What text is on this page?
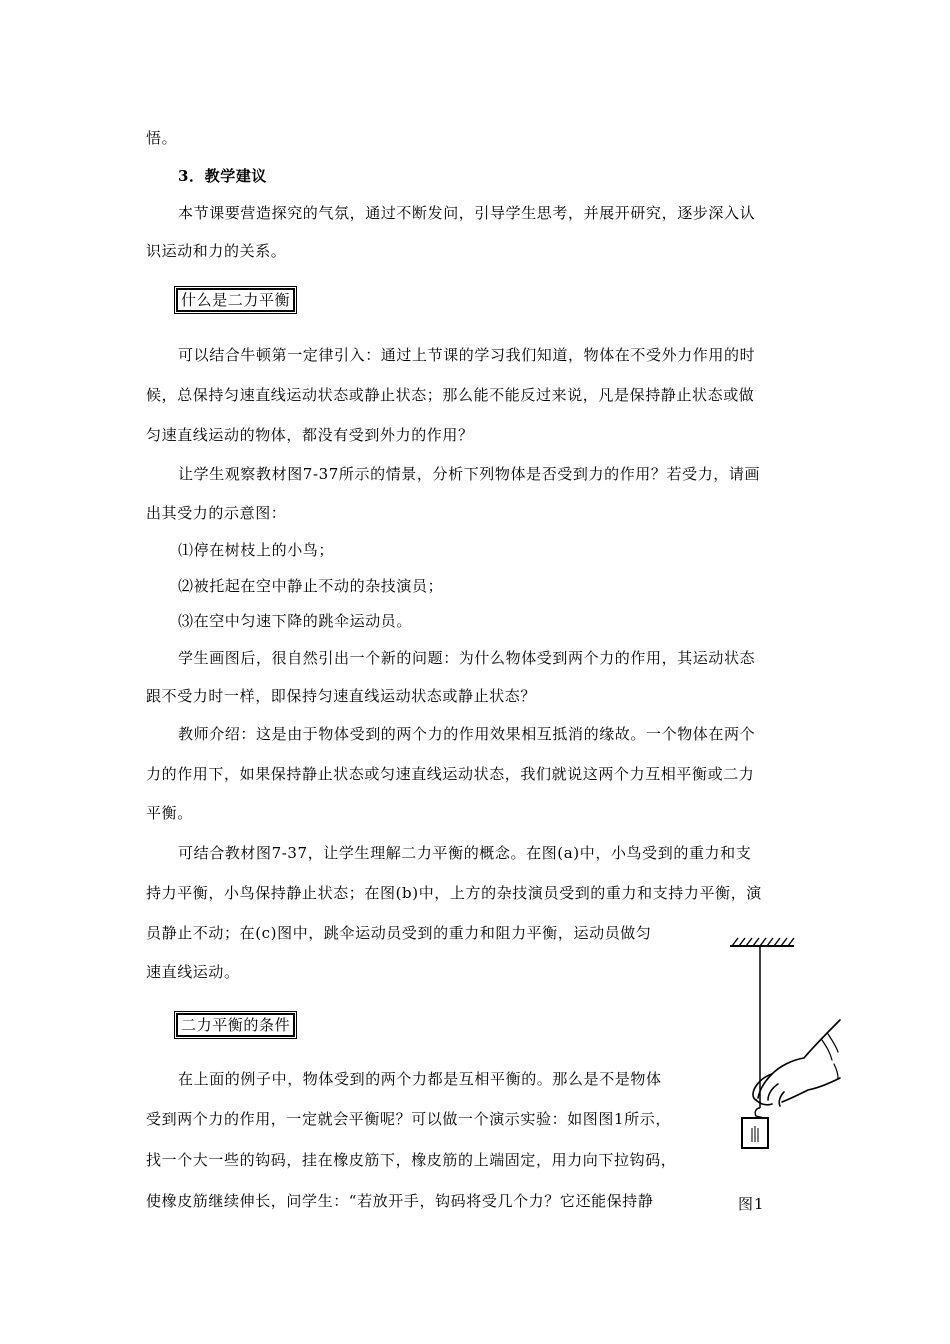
悟。
3．教学建议
本节课要营造探究的气氛，通过不断发问，引导学生思考，并展开研究，逐步深入认
识运动和力的关系。
什么是二力平衡
可以结合牛顿第一定律引入：通过上节课的学习我们知道，物体在不受外力作用的时
候，总保持匀速直线运动状态或静止状态；那么能不能反过来说，凡是保持静止状态或做
匀速直线运动的物体，都没有受到外力的作用？
让学生观察教材图7-37所示的情景，分析下列物体是否受到力的作用？若受力，请画
出其受力的示意图：
⑴停在树枝上的小鸟；
⑵被托起在空中静止不动的杂技演员；
⑶在空中匀速下降的跳伞运动员。
学生画图后，很自然引出一个新的问题：为什么物体受到两个力的作用，其运动状态
跟不受力时一样，即保持匀速直线运动状态或静止状态？
教师介绍：这是由于物体受到的两个力的作用效果相互抵消的缘故。一个物体在两个
力的作用下，如果保持静止状态或匀速直线运动状态，我们就说这两个力互相平衡或二力
平衡。
可结合教材图7-37，让学生理解二力平衡的概念。在图(a)中，小鸟受到的重力和支
持力平衡，小鸟保持静止状态；在图(b)中，上方的杂技演员受到的重力和支持力平衡，演
员静止不动；在(c)图中，跳伞运动员受到的重力和阻力平衡，运动员做匀
速直线运动。
二力平衡的条件
在上面的例子中，物体受到的两个力都是互相平衡的。那么是不是物体
受到两个力的作用，一定就会平衡呢？可以做一个演示实验：如图图1所示，
找一个大一些的钩码，挂在橡皮筋下，橡皮筋的上端固定，用力向下拉钩码，
使橡皮筋继续伸长，问学生：“若放开手，钩码将受几个力？它还能保持静	图1
